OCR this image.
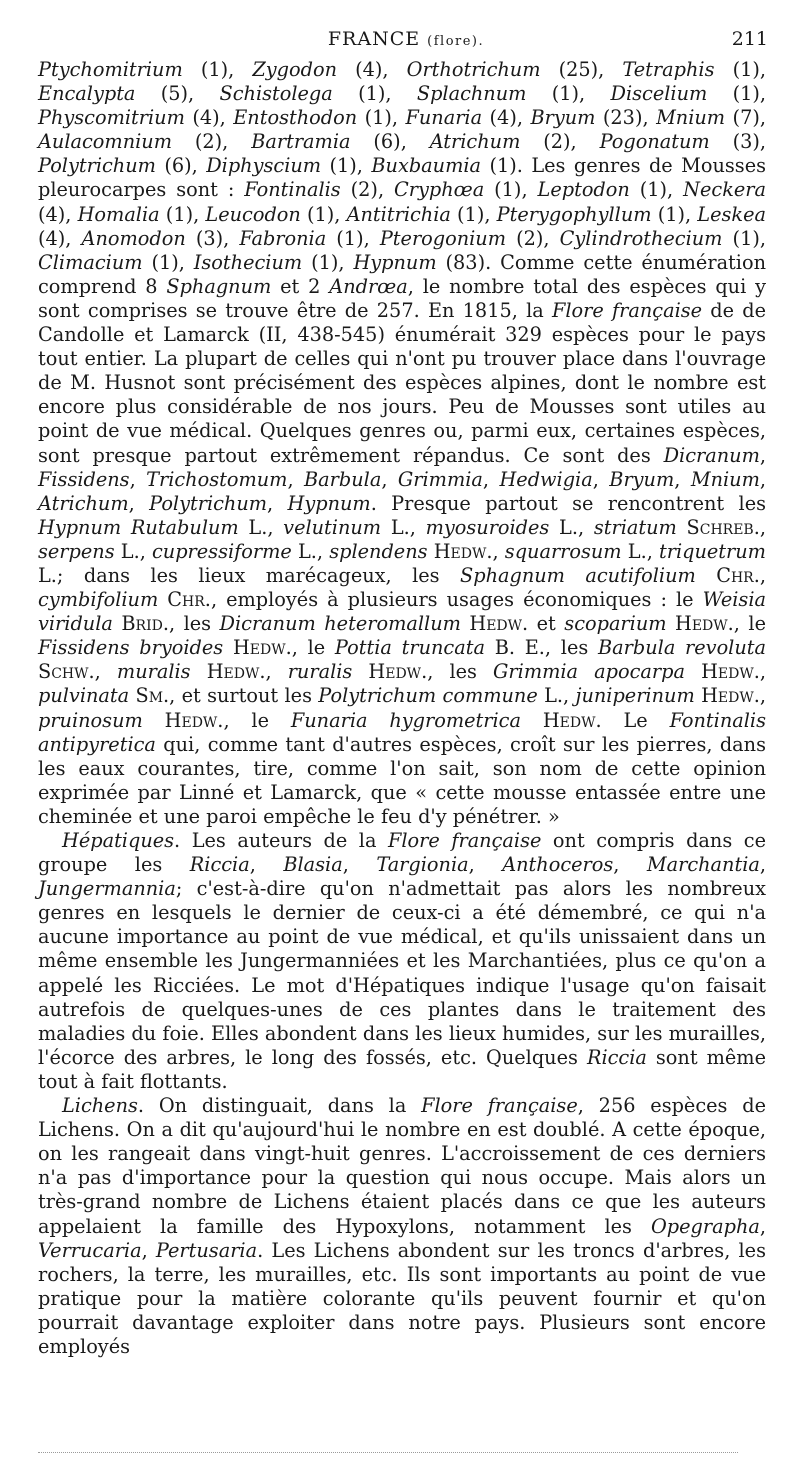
FRANCE (flore).	211

Ptychomitrium (1), Zygodon (4), Orthotrichum (25), Tetraphis (1), Encalypta (5), Schistolega (1), Splachnum (1), Discelium (1), Physcomitrium (4), Entosthodon (1), Funaria (4), Bryum (23), Mnium (7), Aulacomnium (2), Bartramia (6), Atrichum (2), Pogonatum (3), Polytrichum (6), Diphyscium (1), Buxbaumia (1). Les genres de Mousses pleurocarpes sont : Fontinalis (2), Cryphœa (1), Leptodon (1), Neckera (4), Homalia (1), Leucodon (1), Antitrichia (1), Pterygophyllum (1), Leskea (4), Anomodon (3), Fabronia (1), Pterogonium (2), Cylindrothecium (1), Climacium (1), Isothecium (1), Hypnum (83). Comme cette énumération comprend 8 Sphagnum et 2 Andrœa, le nombre total des espèces qui y sont comprises se trouve être de 257. En 1815, la Flore française de de Candolle et Lamarck (II, 438-545) énumérait 329 espèces pour le pays tout entier. La plupart de celles qui n'ont pu trouver place dans l'ouvrage de M. Husnot sont précisément des espèces alpines, dont le nombre est encore plus considérable de nos jours. Peu de Mousses sont utiles au point de vue médical. Quelques genres ou, parmi eux, certaines espèces, sont presque partout extrêmement répandus. Ce sont des Dicranum, Fissidens, Trichostomum, Barbula, Grimmia, Hedwigia, Bryum, Mnium, Atrichum, Polytrichum, Hypnum. Presque partout se rencontrent les Hypnum Rutabulum L., velutinum L., myosuroides L., striatum Schreb., serpens L., cupressiforme L., splendens Hedw., squarrosum L., triquetrum L.; dans les lieux marécageux, les Sphagnum acutifolium Chr., cymbifolium Chr., employés à plusieurs usages économiques : le Weisia viridula Brid., les Dicranum heteromallum Hedw. et scoparium Hedw., le Fissidens bryoides Hedw., le Pottia truncata B. E., les Barbula revoluta Schw., muralis Hedw., ruralis Hedw., les Grimmia apocarpa Hedw., pulvinata Sm., et surtout les Polytrichum commune L., juniperinum Hedw., pruinosum Hedw., le Funaria hygrometrica Hedw. Le Fontinalis antipyretica qui, comme tant d'autres espèces, croît sur les pierres, dans les eaux courantes, tire, comme l'on sait, son nom de cette opinion exprimée par Linné et Lamarck, que « cette mousse entassée entre une cheminée et une paroi empêche le feu d'y pénétrer. »

Hépatiques. Les auteurs de la Flore française ont compris dans ce groupe les Riccia, Blasia, Targionia, Anthoceros, Marchantia, Jungermannia; c'est-à-dire qu'on n'admettait pas alors les nombreux genres en lesquels le dernier de ceux-ci a été démembré, ce qui n'a aucune importance au point de vue médical, et qu'ils unissaient dans un même ensemble les Jungermanniées et les Marchantiées, plus ce qu'on a appelé les Ricciées. Le mot d'Hépatiques indique l'usage qu'on faisait autrefois de quelques-unes de ces plantes dans le traitement des maladies du foie. Elles abondent dans les lieux humides, sur les murailles, l'écorce des arbres, le long des fossés, etc. Quelques Riccia sont même tout à fait flottants.

Lichens. On distinguait, dans la Flore française, 256 espèces de Lichens. On a dit qu'aujourd'hui le nombre en est doublé. A cette époque, on les rangeait dans vingt-huit genres. L'accroissement de ces derniers n'a pas d'importance pour la question qui nous occupe. Mais alors un très-grand nombre de Lichens étaient placés dans ce que les auteurs appelaient la famille des Hypoxylons, notamment les Opegrapha, Verrucaria, Pertusaria. Les Lichens abondent sur les troncs d'arbres, les rochers, la terre, les murailles, etc. Ils sont importants au point de vue pratique pour la matière colorante qu'ils peuvent fournir et qu'on pourrait davantage exploiter dans notre pays. Plusieurs sont encore employés
